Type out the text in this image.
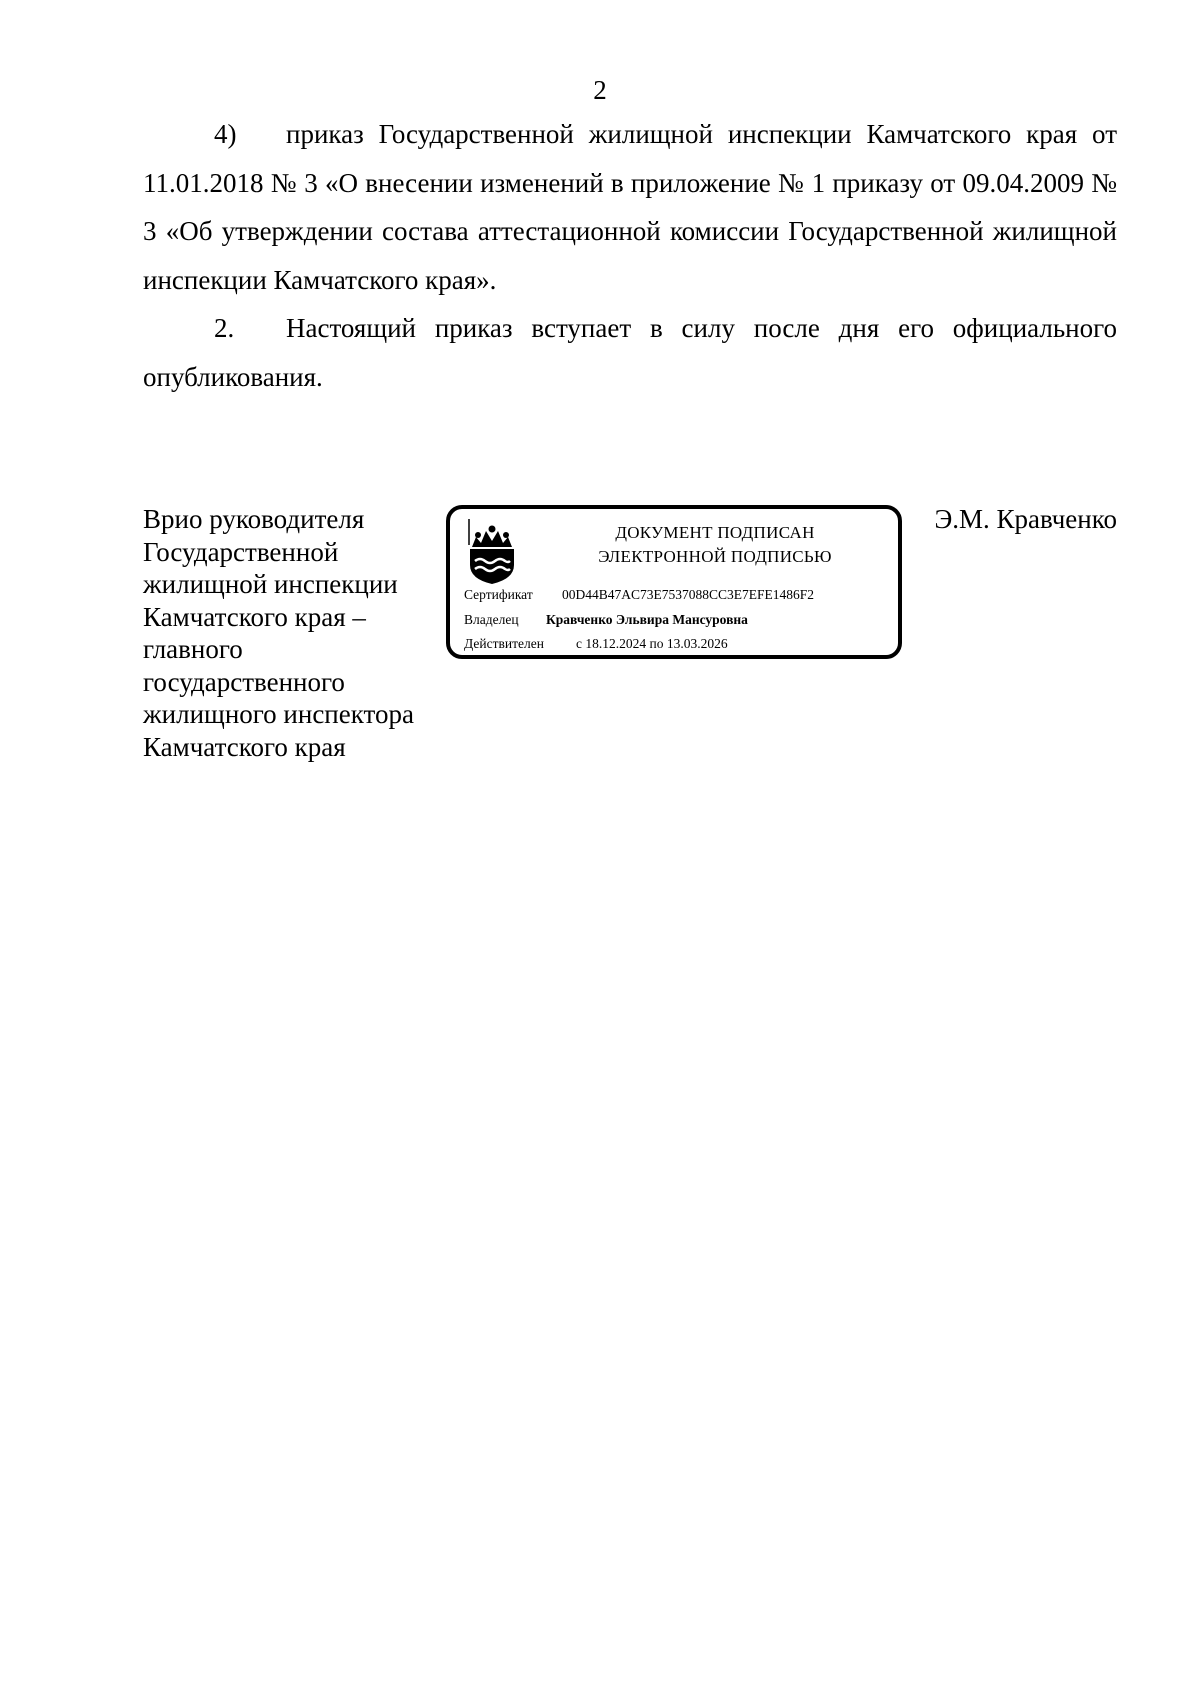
2

4) приказ Государственной жилищной инспекции Камчатского края от 11.01.2018 № 3 «О внесении изменений в приложение № 1 приказу от 09.04.2009 № 3 «Об утверждении состава аттестационной комиссии Государственной жилищной инспекции Камчатского края».

2. Настоящий приказ вступает в силу после дня его официального опубликования.

Врио руководителя
Государственной
жилищной инспекции
Камчатского края –
главного
государственного
жилищного инспектора
Камчатского края

ДОКУМЕНТ ПОДПИСАН
ЭЛЕКТРОННОЙ ПОДПИСЬЮ
Сертификат 00D44B47AC73E7537088CC3E7EFE1486F2
Владелец Кравченко Эльвира Мансуровна
Действителен с 18.12.2024 по 13.03.2026

Э.М. Кравченко
